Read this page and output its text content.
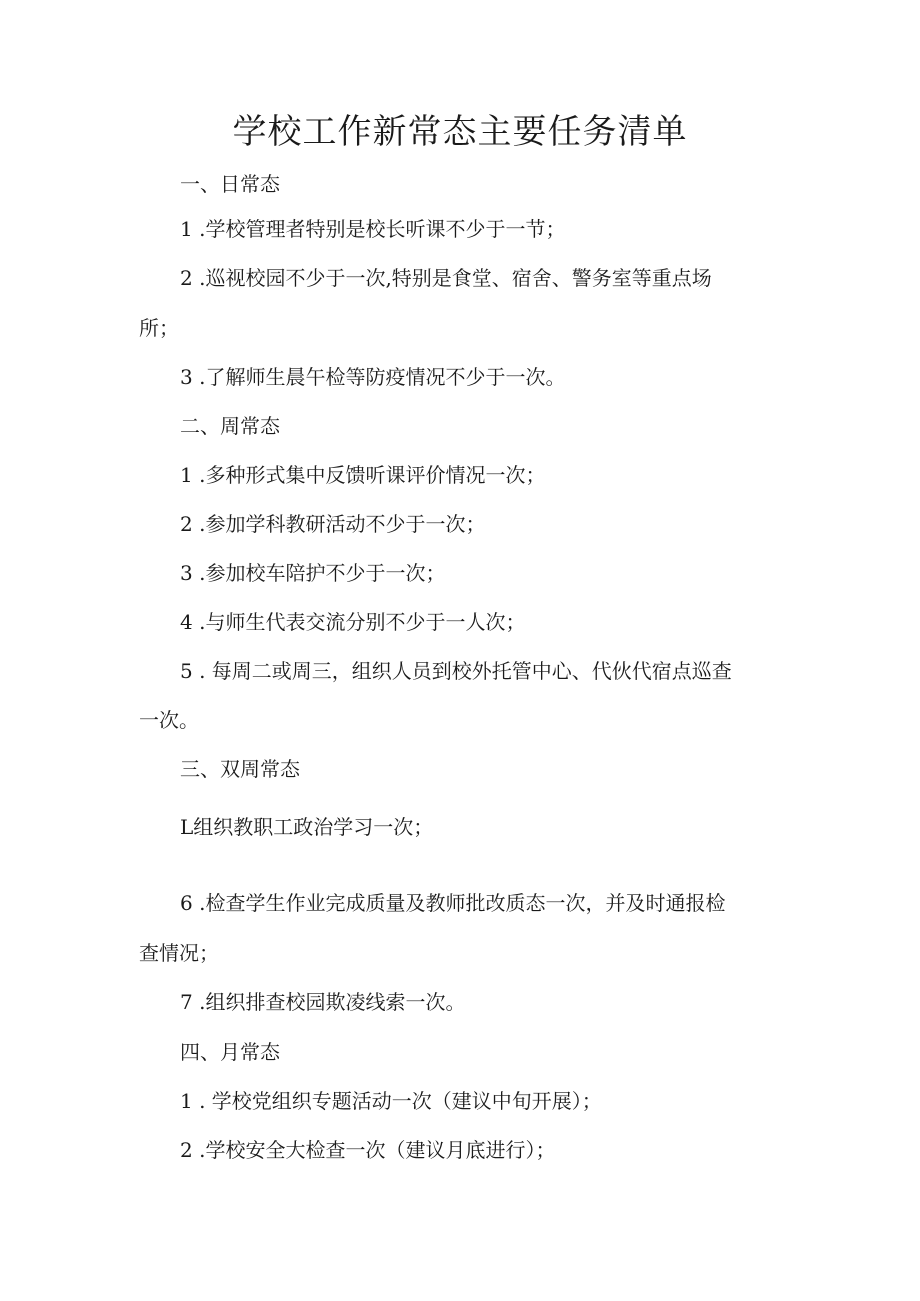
学校工作新常态主要任务清单
一、日常态
1 .学校管理者特别是校长听课不少于一节；
2 .巡视校园不少于一次,特别是食堂、宿舍、警务室等重点场
所；
3 .了解师生晨午检等防疫情况不少于一次。
二、周常态
1 .多种形式集中反馈听课评价情况一次；
2 .参加学科教研活动不少于一次；
3 .参加校车陪护不少于一次；
4 .与师生代表交流分别不少于一人次；
5 . 每周二或周三，组织人员到校外托管中心、代伙代宿点巡查
一次。
三、双周常态
L组织教职工政治学习一次；
6 .检查学生作业完成质量及教师批改质态一次，并及时通报检
查情况；
7 .组织排查校园欺凌线索一次。
四、月常态
1 . 学校党组织专题活动一次（建议中旬开展）；
2 .学校安全大检查一次（建议月底进行）；
